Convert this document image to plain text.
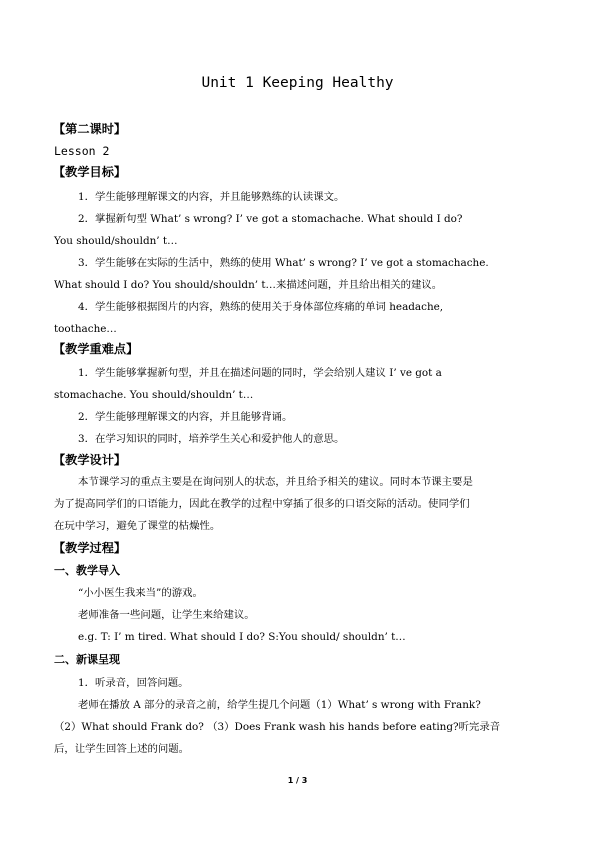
Unit 1 Keeping Healthy
【第二课时】
Lesson 2
【教学目标】
1．学生能够理解课文的内容，并且能够熟练的认读课文。
2．掌握新句型 What’ s wrong? I’ ve got a stomachache. What should I do?
You should/shouldn’ t…
3．学生能够在实际的生活中，熟练的使用 What’ s wrong? I’ ve got a stomachache.
What should I do? You should/shouldn’ t…来描述问题，并且给出相关的建议。
4．学生能够根据图片的内容，熟练的使用关于身体部位疼痛的单词 headache,
toothache…
【教学重难点】
1．学生能够掌握新句型，并且在描述问题的同时，学会给别人建议 I’ ve got a
stomachache. You should/shouldn’ t…
2．学生能够理解课文的内容，并且能够背诵。
3．在学习知识的同时，培养学生关心和爱护他人的意思。
【教学设计】
本节课学习的重点主要是在询问别人的状态，并且给予相关的建议。同时本节课主要是
为了提高同学们的口语能力，因此在教学的过程中穿插了很多的口语交际的活动。使同学们
在玩中学习，避免了课堂的枯燥性。
【教学过程】
一、教学导入
“小小医生我来当”的游戏。
老师准备一些问题，让学生来给建议。
e.g. T: I’ m tired. What should I do? S:You should/ shouldn’ t…
二、新课呈现
1．听录音，回答问题。
老师在播放 A 部分的录音之前，给学生提几个问题（1）What’ s wrong with Frank?
（2）What should Frank do? （3）Does Frank wash his hands before eating?听完录音
后，让学生回答上述的问题。
1 / 3
